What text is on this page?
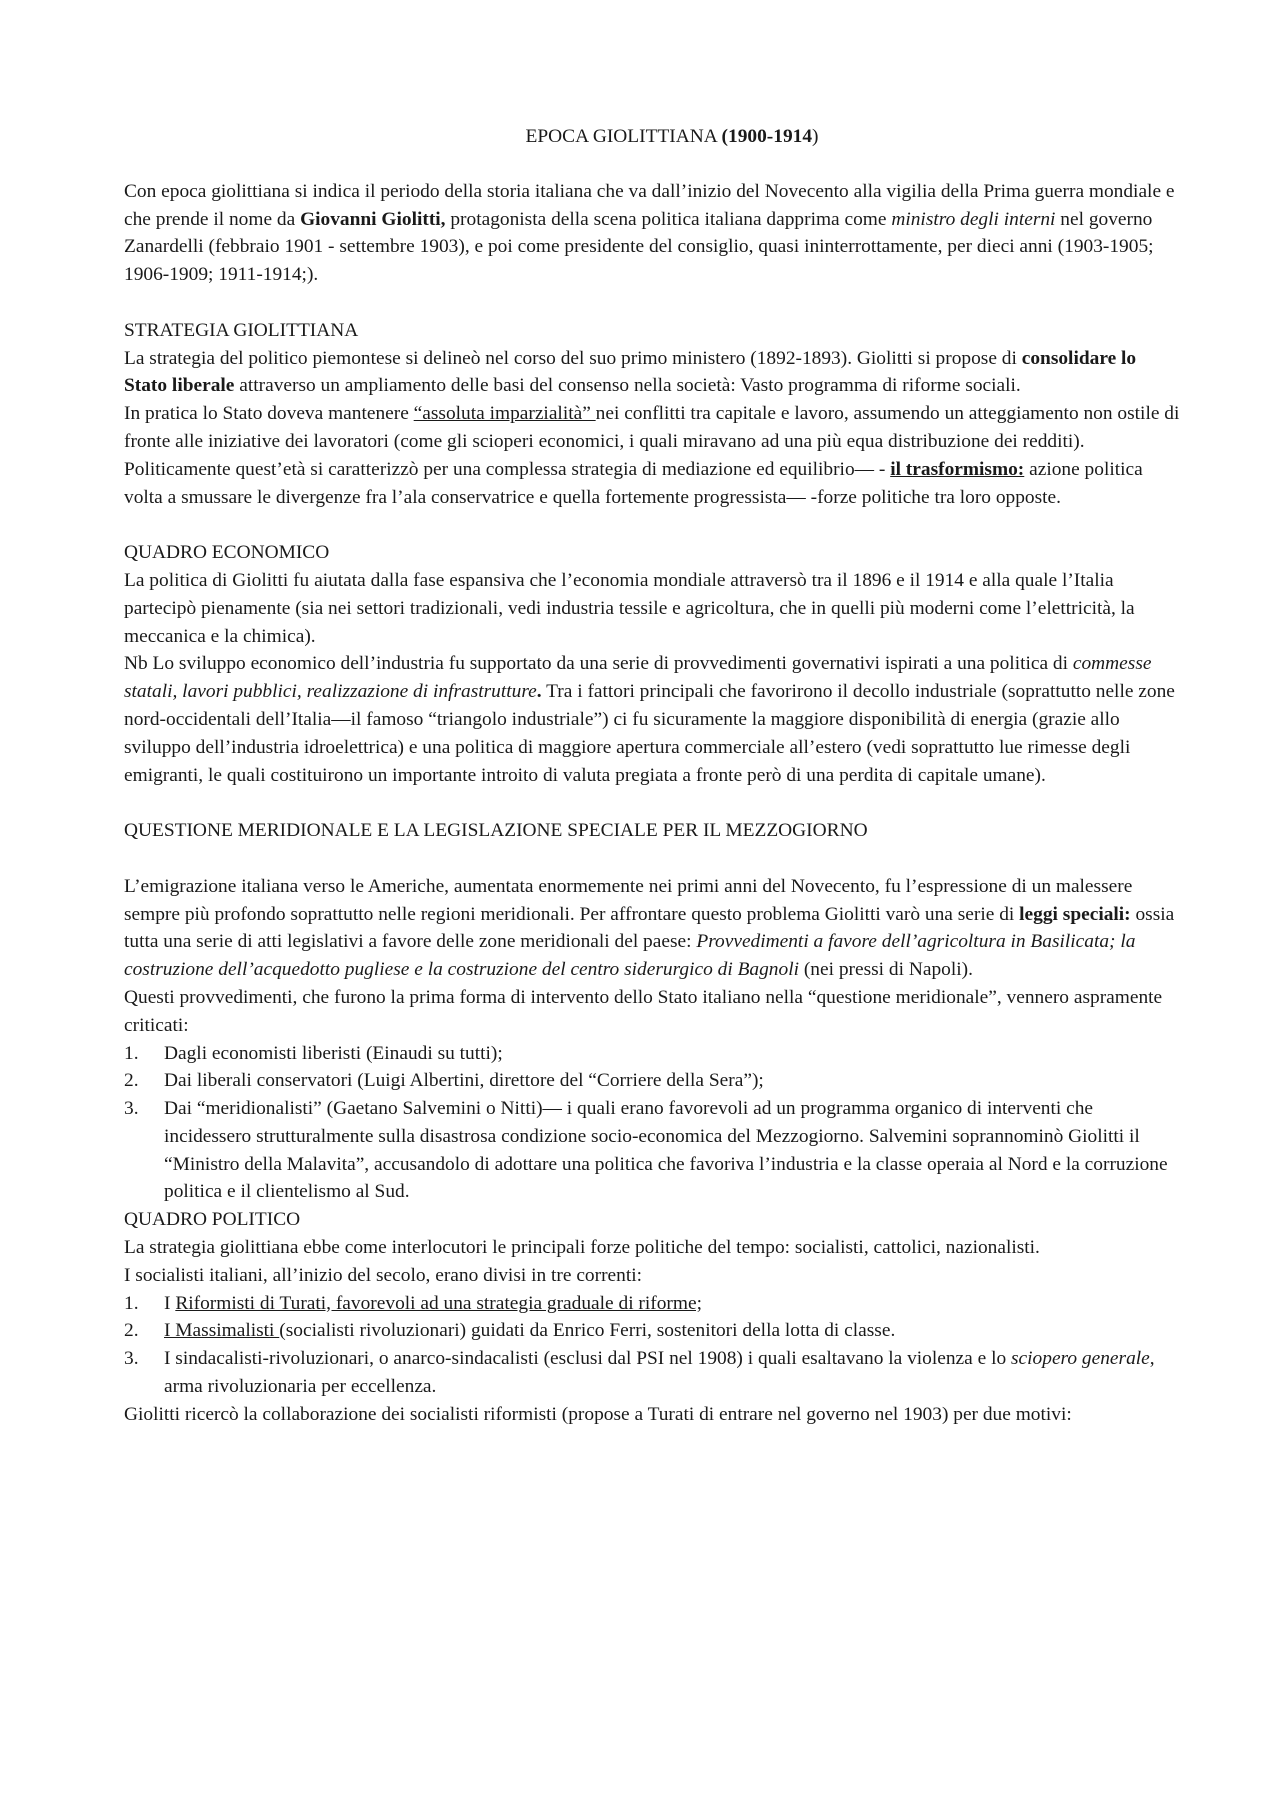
EPOCA GIOLITTIANA (1900-1914)

Con epoca giolittiana si indica il periodo della storia italiana che va dall’inizio del Novecento alla vigilia della Prima guerra mondiale e che prende il nome da Giovanni Giolitti, protagonista della scena politica italiana dapprima come ministro degli interni nel governo Zanardelli (febbraio 1901 - settembre 1903), e poi come presidente del consiglio, quasi ininterrottamente, per dieci anni (1903-1905; 1906-1909; 1911-1914;).

STRATEGIA GIOLITTIANA

La strategia del politico piemontese si delineò nel corso del suo primo ministero (1892-1893). Giolitti si propose di consolidare lo Stato liberale attraverso un ampliamento delle basi del consenso nella società: Vasto programma di riforme sociali.

In pratica lo Stato doveva mantenere “assoluta imparzialità” nei conflitti tra capitale e lavoro, assumendo un atteggiamento non ostile di fronte alle iniziative dei lavoratori (come gli scioperi economici, i quali miravano ad una più equa distribuzione dei redditi).

Politicamente quest’età si caratterizzò per una complessa strategia di mediazione ed equilibrio— - il trasformismo: azione politica volta a smussare le divergenze fra l’ala conservatrice e quella fortemente progressista— -forze politiche tra loro opposte.

QUADRO ECONOMICO

La politica di Giolitti fu aiutata dalla fase espansiva che l’economia mondiale attraversò tra il 1896 e il 1914 e alla quale l’Italia partecipò pienamente (sia nei settori tradizionali, vedi industria tessile e agricoltura, che in quelli più moderni come l’elettricità, la meccanica e la chimica).

Nb Lo sviluppo economico dell’industria fu supportato da una serie di provvedimenti governativi ispirati a una politica di commesse statali, lavori pubblici, realizzazione di infrastrutture. Tra i fattori principali che favorirono il decollo industriale (soprattutto nelle zone nord-occidentali dell’Italia—il famoso “triangolo industriale”) ci fu sicuramente la maggiore disponibilità di energia (grazie allo sviluppo dell’industria idroelettrica) e una politica di maggiore apertura commerciale all’estero (vedi soprattutto lue rimesse degli emigranti, le quali costituirono un importante introito di valuta pregiata a fronte però di una perdita di capitale umane).

QUESTIONE MERIDIONALE E LA LEGISLAZIONE SPECIALE PER IL MEZZOGIORNO

L’emigrazione italiana verso le Americhe, aumentata enormemente nei primi anni del Novecento, fu l’espressione di un malessere sempre più profondo soprattutto nelle regioni meridionali. Per affrontare questo problema Giolitti varò una serie di leggi speciali: ossia tutta una serie di atti legislativi a favore delle zone meridionali del paese: Provvedimenti a favore dell’agricoltura in Basilicata; la costruzione dell’acquedotto pugliese e la costruzione del centro siderurgico di Bagnoli (nei pressi di Napoli).

Questi provvedimenti, che furono la prima forma di intervento dello Stato italiano nella “questione meridionale”, vennero aspramente criticati:

1. Dagli economisti liberisti (Einaudi su tutti);
2. Dai liberali conservatori (Luigi Albertini, direttore del “Corriere della Sera”);
3. Dai “meridionalisti” (Gaetano Salvemini o Nitti)— i quali erano favorevoli ad un programma organico di interventi che incidessero strutturalmente sulla disastrosa condizione socio-economica del Mezzogiorno. Salvemini soprannominò Giolitti il “Ministro della Malavita”, accusandolo di adottare una politica che favoriva l’industria e la classe operaia al Nord e la corruzione politica e il clientelismo al Sud.

QUADRO POLITICO

La strategia giolittiana ebbe come interlocutori le principali forze politiche del tempo: socialisti, cattolici, nazionalisti.

I socialisti italiani, all’inizio del secolo, erano divisi in tre correnti:

1. I Riformisti di Turati, favorevoli ad una strategia graduale di riforme;
2. I Massimalisti (socialisti rivoluzionari) guidati da Enrico Ferri, sostenitori della lotta di classe.
3. I sindacalisti-rivoluzionari, o anarco-sindacalisti (esclusi dal PSI nel 1908) i quali esaltavano la violenza e lo sciopero generale, arma rivoluzionaria per eccellenza.

Giolitti ricercò la collaborazione dei socialisti riformisti (propose a Turati di entrare nel governo nel 1903) per due motivi:
